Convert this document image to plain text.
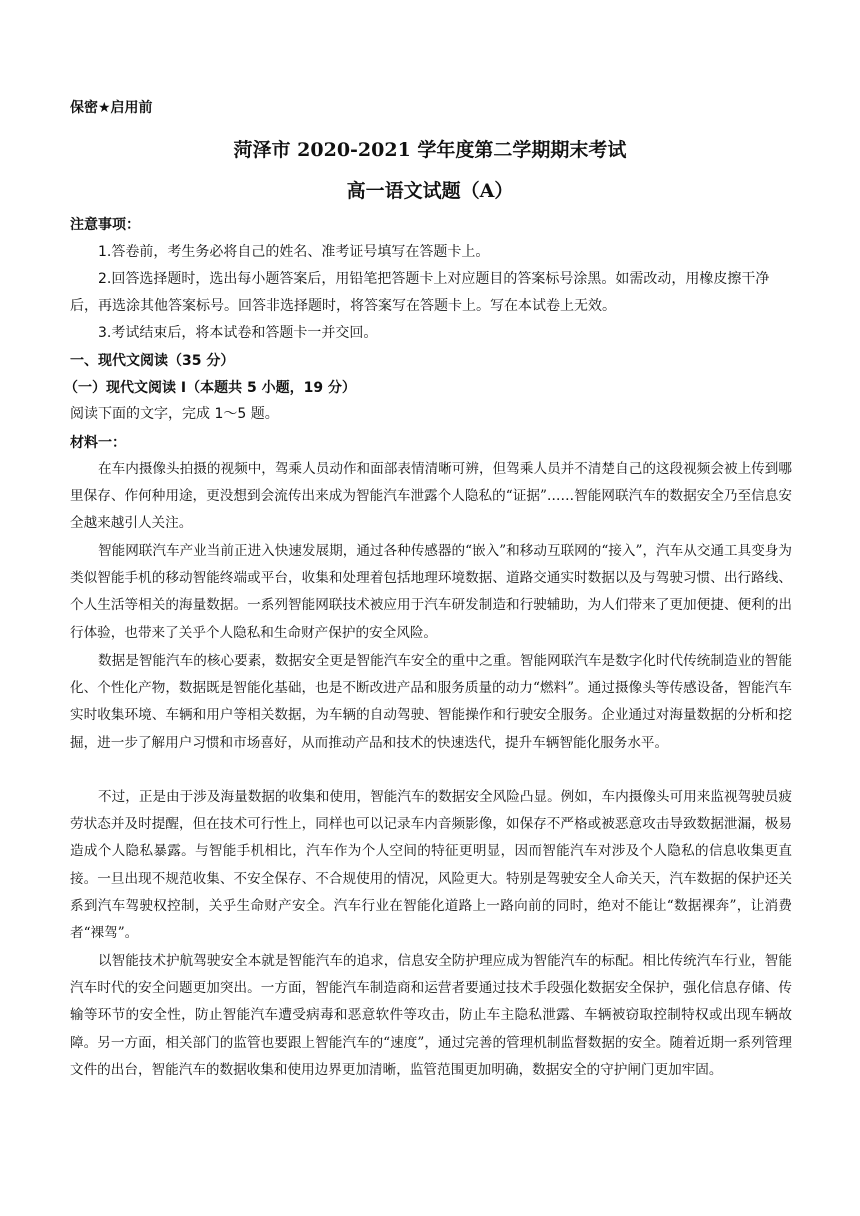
保密★启用前
菏泽市 2020-2021 学年度第二学期期末考试
高一语文试题（A）
注意事项：
1.答卷前，考生务必将自己的姓名、准考证号填写在答题卡上。
2.回答选择题时，选出每小题答案后，用铅笔把答题卡上对应题目的答案标号涂黑。如需改动，用橡皮擦干净后，再选涂其他答案标号。回答非选择题时，将答案写在答题卡上。写在本试卷上无效。
3.考试结束后，将本试卷和答题卡一并交回。
一、现代文阅读（35 分）
（一）现代文阅读 I（本题共 5 小题，19 分）
阅读下面的文字，完成 1～5 题。
材料一：
在车内摄像头拍摄的视频中，驾乘人员动作和面部表情清晰可辨，但驾乘人员并不清楚自己的这段视频会被上传到哪里保存、作何种用途，更没想到会流传出来成为智能汽车泄露个人隐私的“证据”……智能网联汽车的数据安全乃至信息安全越来越引人关注。
智能网联汽车产业当前正进入快速发展期，通过各种传感器的“嵌入”和移动互联网的“接入”，汽车从交通工具变身为类似智能手机的移动智能终端或平台，收集和处理着包括地理环境数据、道路交通实时数据以及与驾驶习惯、出行路线、个人生活等相关的海量数据。一系列智能网联技术被应用于汽车研发制造和行驶辅助，为人们带来了更加便捷、便利的出行体验，也带来了关乎个人隐私和生命财产保护的安全风险。
数据是智能汽车的核心要素，数据安全更是智能汽车安全的重中之重。智能网联汽车是数字化时代传统制造业的智能化、个性化产物，数据既是智能化基础，也是不断改进产品和服务质量的动力“燃料”。通过摄像头等传感设备，智能汽车实时收集环境、车辆和用户等相关数据，为车辆的自动驾驶、智能操作和行驶安全服务。企业通过对海量数据的分析和挖掘，进一步了解用户习惯和市场喜好，从而推动产品和技术的快速迭代，提升车辆智能化服务水平。
不过，正是由于涉及海量数据的收集和使用，智能汽车的数据安全风险凸显。例如，车内摄像头可用来监视驾驶员疲劳状态并及时提醒，但在技术可行性上，同样也可以记录车内音频影像，如保存不严格或被恶意攻击导致数据泄漏，极易造成个人隐私暴露。与智能手机相比，汽车作为个人空间的特征更明显，因而智能汽车对涉及个人隐私的信息收集更直接。一旦出现不规范收集、不安全保存、不合规使用的情况，风险更大。特别是驾驶安全人命关天，汽车数据的保护还关系到汽车驾驶权控制，关乎生命财产安全。汽车行业在智能化道路上一路向前的同时，绝对不能让“数据裸奔”，让消费者“裸驾”。
以智能技术护航驾驶安全本就是智能汽车的追求，信息安全防护理应成为智能汽车的标配。相比传统汽车行业，智能汽车时代的安全问题更加突出。一方面，智能汽车制造商和运营者要通过技术手段强化数据安全保护，强化信息存储、传输等环节的安全性，防止智能汽车遭受病毒和恶意软件等攻击，防止车主隐私泄露、车辆被窃取控制特权或出现车辆故障。另一方面，相关部门的监管也要跟上智能汽车的“速度”，通过完善的管理机制监督数据的安全。随着近期一系列管理文件的出台，智能汽车的数据收集和使用边界更加清晰，监管范围更加明确，数据安全的守护闸门更加牢固。
